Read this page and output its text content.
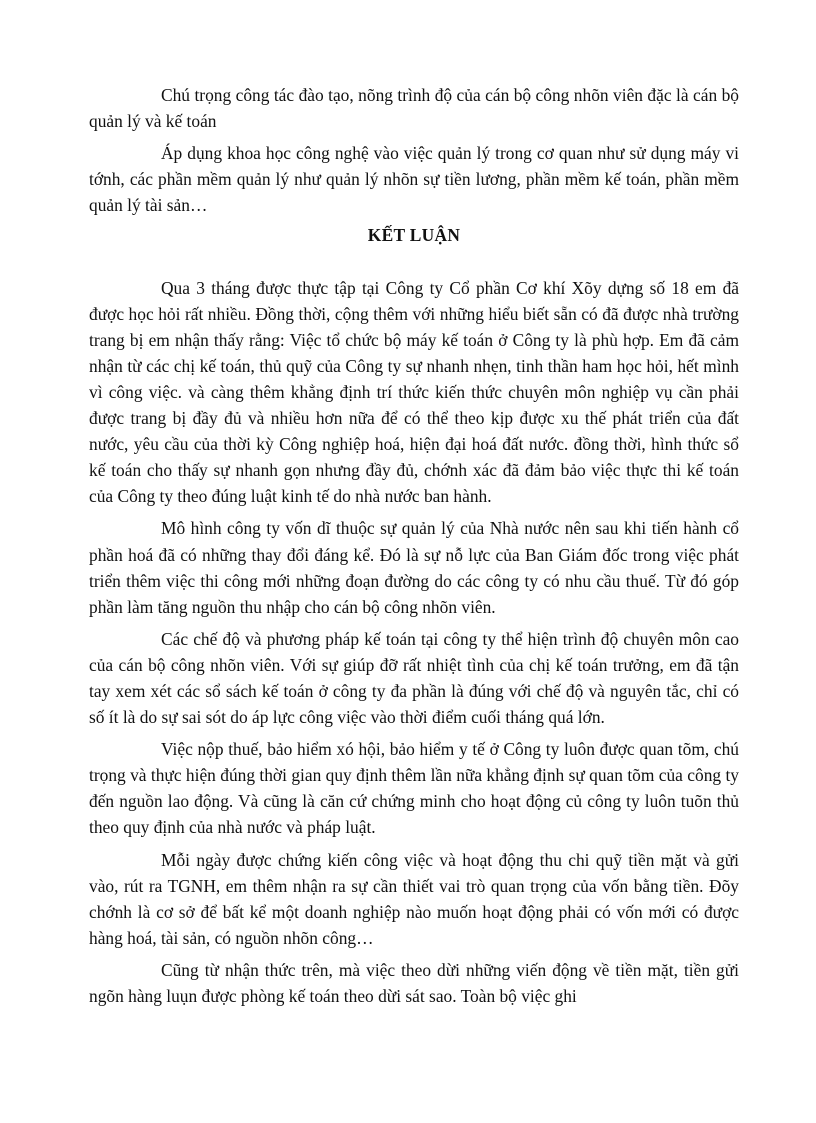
Chú trọng công tác đào tạo, nõng trình độ của cán bộ công nhõn viên đặc là cán bộ quản lý và kế toán

Áp dụng khoa học công nghệ vào việc quản lý trong cơ quan như sử dụng máy vi tớnh, các phần mềm quản lý như quản lý nhõn sự tiền lương, phần mềm kế toán, phần mềm quản lý tài sản…

KẾT LUẬN

Qua 3 tháng được thực tập tại Công ty Cổ phần Cơ khí Xõy dựng số 18 em đã được học hỏi rất nhiều. Đồng thời, cộng thêm với những hiểu biết sẵn có đã được nhà trường trang bị em nhận thấy rằng: Việc tổ chức bộ máy kế toán ở Công ty là phù hợp. Em đã cảm nhận từ các chị kế toán, thủ quỹ của Công ty sự nhanh nhẹn, tinh thần ham học hỏi, hết mình vì công việc. và càng thêm khẳng định trí thức kiến thức chuyên môn nghiệp vụ cần phải được trang bị đầy đủ và nhiều hơn nữa để có thể theo kịp được xu thế phát triển của đất nước, yêu cầu của thời kỳ Công nghiệp hoá, hiện đại hoá đất nước. đồng thời, hình thức sổ kế toán cho thấy sự nhanh gọn nhưng đầy đủ, chớnh xác đã đảm bảo việc thực thi kế toán của Công ty theo đúng luật kinh tế do nhà nước ban hành.

Mô hình công ty vốn dĩ thuộc sự quản lý của Nhà nước nên sau khi tiến hành cổ phần hoá đã có những thay đổi đáng kể. Đó là sự nỗ lực của Ban Giám đốc trong việc phát triển thêm việc thi công mới những đoạn đường do các công ty có nhu cầu thuế. Từ đó góp phần làm tăng nguồn thu nhập cho cán bộ công nhõn viên.

Các chế độ và phương pháp kế toán tại công ty thể hiện trình độ chuyên môn cao của cán bộ công nhõn viên. Với sự giúp đỡ rất nhiệt tình của chị kế toán trưởng, em đã tận tay xem xét các sổ sách kế toán ở công ty đa phần là đúng với chế độ và nguyên tắc, chỉ có số ít là do sự sai sót do áp lực công việc vào thời điểm cuối tháng quá lớn.

Việc nộp thuế, bảo hiểm xó hội, bảo hiểm y tế ở Công ty luôn được quan tõm, chú trọng và thực hiện đúng thời gian quy định thêm lần nữa khẳng định sự quan tõm của công ty đến nguồn lao động. Và cũng là căn cứ chứng minh cho hoạt động củ công ty luôn tuõn thủ theo quy định của nhà nước và pháp luật.

Mỗi ngày được chứng kiến công việc và hoạt động thu chi quỹ tiền mặt và gửi vào, rút ra TGNH, em thêm nhận ra sự cần thiết vai trò quan trọng của vốn bằng tiền. Đõy chớnh là cơ sở để bất kể một doanh nghiệp nào muốn hoạt động phải có vốn mới có được hàng hoá, tài sản, có nguồn nhõn công…

Cũng từ nhận thức trên, mà việc theo dừi những viến động về tiền mặt, tiền gửi ngõn hàng luụn được phòng kế toán theo dừi sát sao. Toàn bộ việc ghi
